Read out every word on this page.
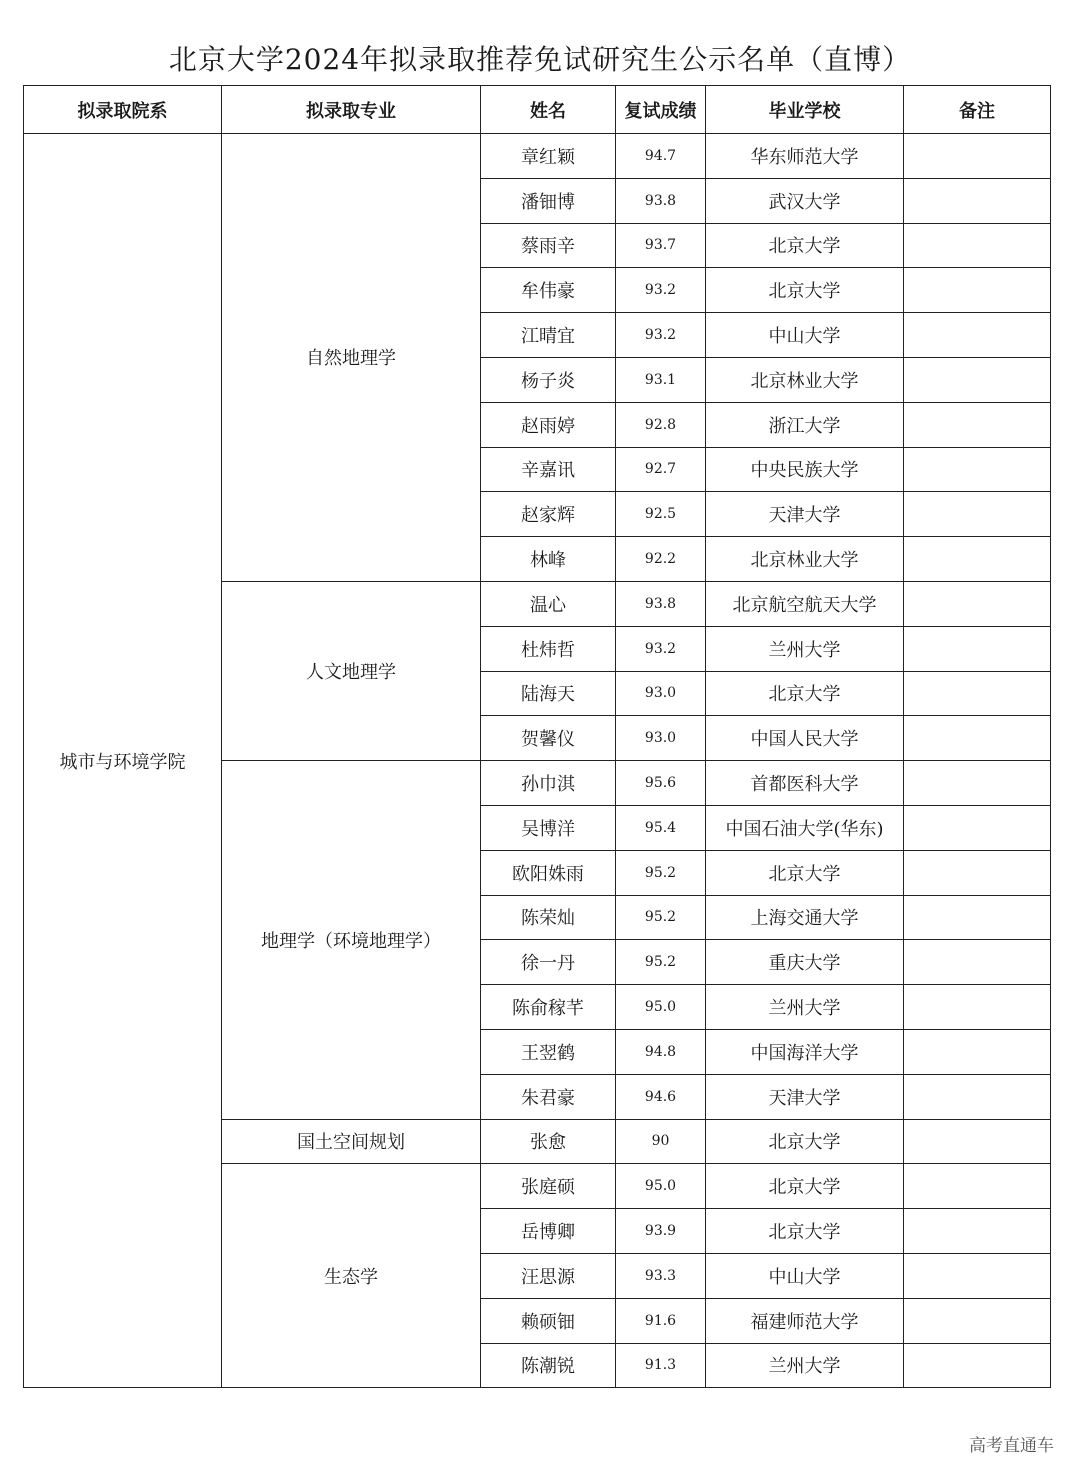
北京大学2024年拟录取推荐免试研究生公示名单（直博）
拟录取院系	拟录取专业	姓名	复试成绩	毕业学校	备注
城市与环境学院	自然地理学	章红颖	94.7	华东师范大学	
		潘钿博	93.8	武汉大学	
		蔡雨辛	93.7	北京大学	
		牟伟豪	93.2	北京大学	
		江晴宜	93.2	中山大学	
		杨子炎	93.1	北京林业大学	
		赵雨婷	92.8	浙江大学	
		辛嘉讯	92.7	中央民族大学	
		赵家辉	92.5	天津大学	
		林峰	92.2	北京林业大学	
	人文地理学	温心	93.8	北京航空航天大学	
		杜炜哲	93.2	兰州大学	
		陆海天	93.0	北京大学	
		贺馨仪	93.0	中国人民大学	
	地理学（环境地理学）	孙巾淇	95.6	首都医科大学	
		吴博洋	95.4	中国石油大学(华东)	
		欧阳姝雨	95.2	北京大学	
		陈荣灿	95.2	上海交通大学	
		徐一丹	95.2	重庆大学	
		陈俞稼芊	95.0	兰州大学	
		王翌鹤	94.8	中国海洋大学	
		朱君豪	94.6	天津大学	
	国土空间规划	张愈	90	北京大学	
	生态学	张庭硕	95.0	北京大学	
		岳博卿	93.9	北京大学	
		汪思源	93.3	中山大学	
		赖硕钿	91.6	福建师范大学	
		陈潮锐	91.3	兰州大学	
高考直通车
